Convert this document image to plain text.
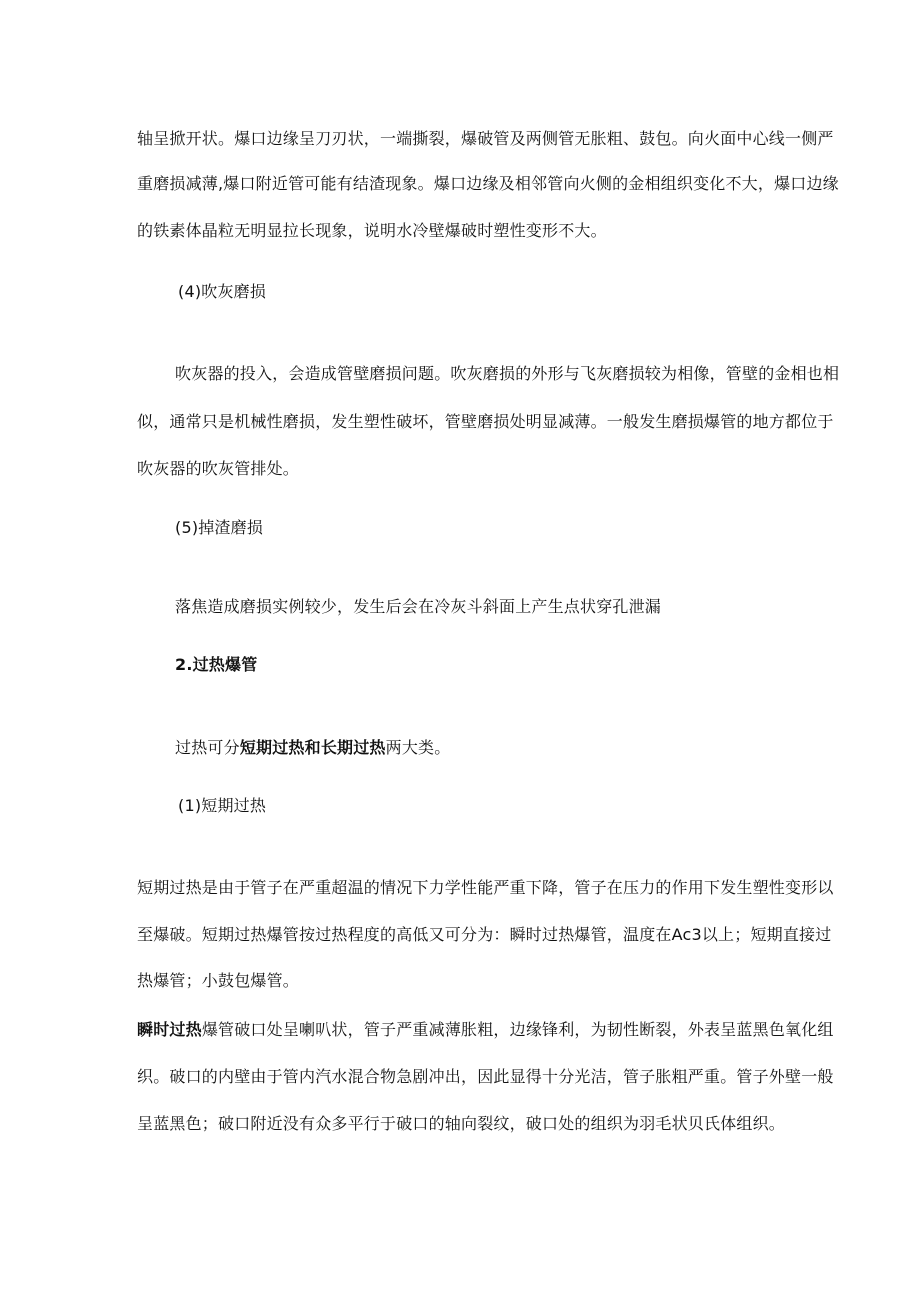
轴呈掀开状。爆口边缘呈刀刃状，一端撕裂，爆破管及两侧管无胀粗、鼓包。向火面中心线一侧严
重磨损减薄,爆口附近管可能有结渣现象。爆口边缘及相邻管向火侧的金相组织变化不大，爆口边缘
的铁素体晶粒无明显拉长现象，说明水冷壁爆破时塑性变形不大。
(4)吹灰磨损
吹灰器的投入，会造成管壁磨损问题。吹灰磨损的外形与飞灰磨损较为相像，管壁的金相也相
似，通常只是机械性磨损，发生塑性破坏，管壁磨损处明显减薄。一般发生磨损爆管的地方都位于
吹灰器的吹灰管排处。
(5)掉渣磨损
落焦造成磨损实例较少，发生后会在冷灰斗斜面上产生点状穿孔泄漏
2.过热爆管
过热可分短期过热和长期过热两大类。
(1)短期过热
短期过热是由于管子在严重超温的情况下力学性能严重下降，管子在压力的作用下发生塑性变形以
至爆破。短期过热爆管按过热程度的高低又可分为：瞬时过热爆管，温度在Ac3以上；短期直接过
热爆管；小鼓包爆管。
瞬时过热爆管破口处呈喇叭状，管子严重减薄胀粗，边缘锋利，为韧性断裂，外表呈蓝黑色氧化组
织。破口的内壁由于管内汽水混合物急剧冲出，因此显得十分光洁，管子胀粗严重。管子外壁一般
呈蓝黑色；破口附近没有众多平行于破口的轴向裂纹，破口处的组织为羽毛状贝氏体组织。
